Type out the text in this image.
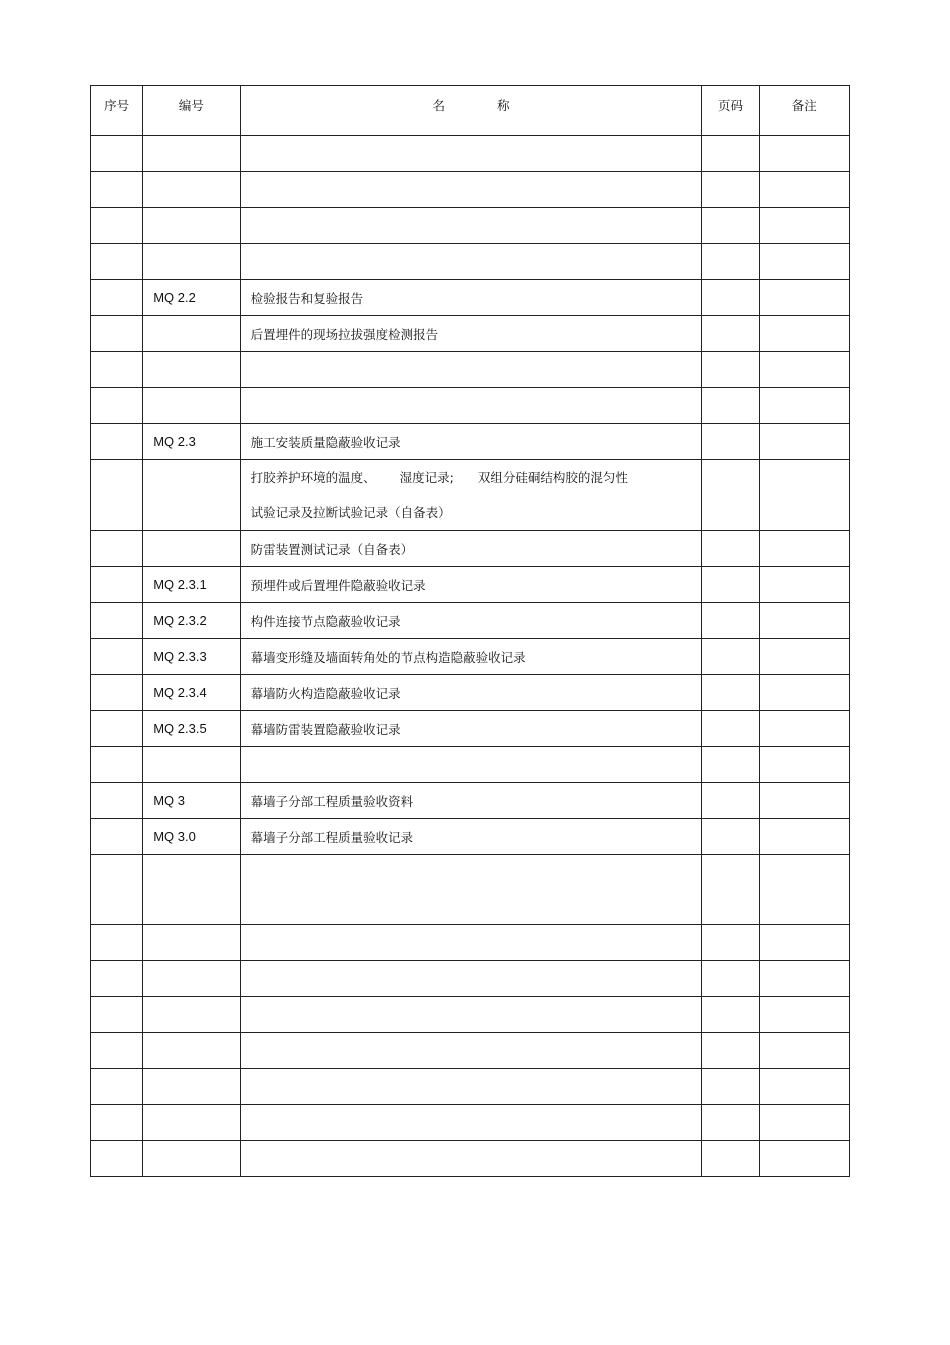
序号	编号	名 称	页码	备注

	MQ 2.2	检验报告和复验报告		
		后置埋件的现场拉拔强度检测报告		

	MQ 2.3	施工安装质量隐蔽验收记录		

		打胶养护环境的温度、 湿度记录; 双组分硅硐结构胶的混匀性
试验记录及拉断试验记录（自备表）		

		防雷装置测试记录（自备表）		
	MQ 2.3.1	预埋件或后置埋件隐蔽验收记录		
	MQ 2.3.2	构件连接节点隐蔽验收记录		
	MQ 2.3.3	幕墙变形缝及墙面转角处的节点构造隐蔽验收记录		
	MQ 2.3.4	幕墙防火构造隐蔽验收记录		
	MQ 2.3.5	幕墙防雷装置隐蔽验收记录		

	MQ 3	幕墙子分部工程质量验收资料		
	MQ 3.0	幕墙子分部工程质量验收记录		
